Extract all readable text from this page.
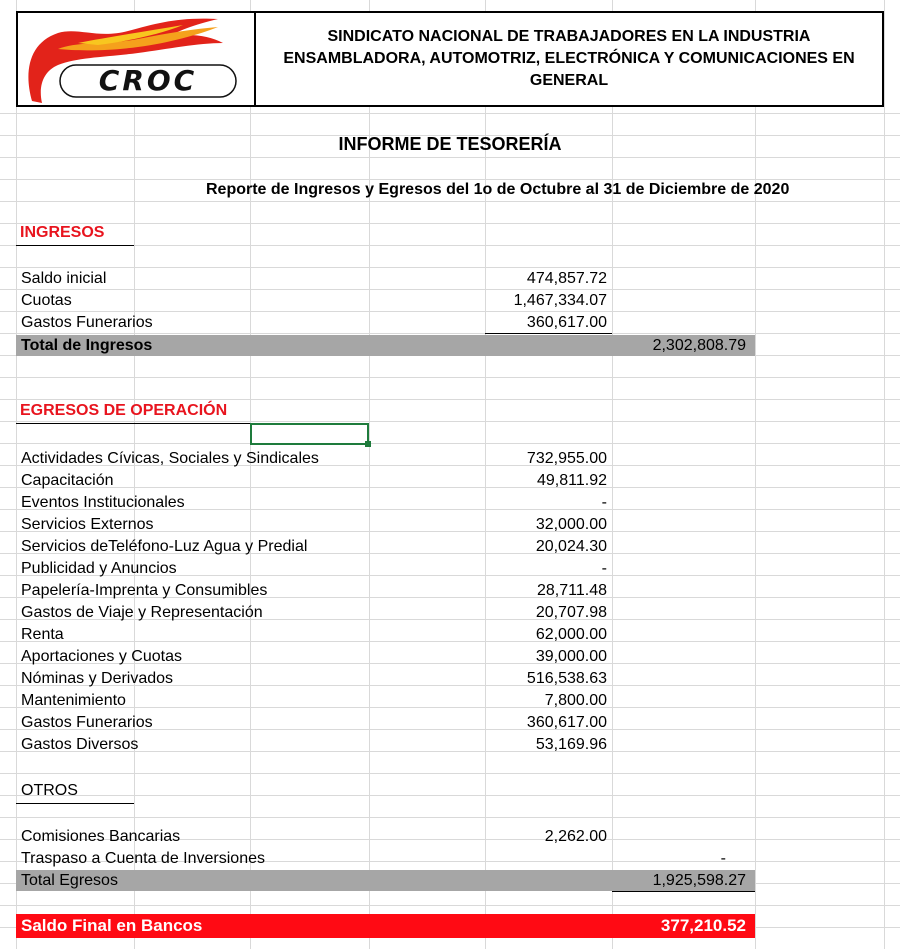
CROC
SINDICATO NACIONAL DE TRABAJADORES EN LA INDUSTRIA
ENSAMBLADORA, AUTOMOTRIZ, ELECTRÓNICA Y COMUNICACIONES EN
GENERAL
INFORME DE TESORERÍA
Reporte de Ingresos y Egresos del 1o de Octubre al 31 de Diciembre de 2020
INGRESOS
Saldo inicial	474,857.72
Cuotas	1,467,334.07
Gastos Funerarios	360,617.00
Total de Ingresos	2,302,808.79
EGRESOS DE OPERACIÓN
Actividades Cívicas, Sociales y Sindicales	732,955.00
Capacitación	49,811.92
Eventos Institucionales	-
Servicios Externos	32,000.00
Servicios deTeléfono-Luz Agua y Predial	20,024.30
Publicidad y Anuncios	-
Papelería-Imprenta y Consumibles	28,711.48
Gastos de Viaje y Representación	20,707.98
Renta	62,000.00
Aportaciones y Cuotas	39,000.00
Nóminas y Derivados	516,538.63
Mantenimiento	7,800.00
Gastos Funerarios	360,617.00
Gastos Diversos	53,169.96
OTROS
Comisiones Bancarias	2,262.00
Traspaso a Cuenta de Inversiones	-
Total Egresos	1,925,598.27
Saldo Final en Bancos	377,210.52
